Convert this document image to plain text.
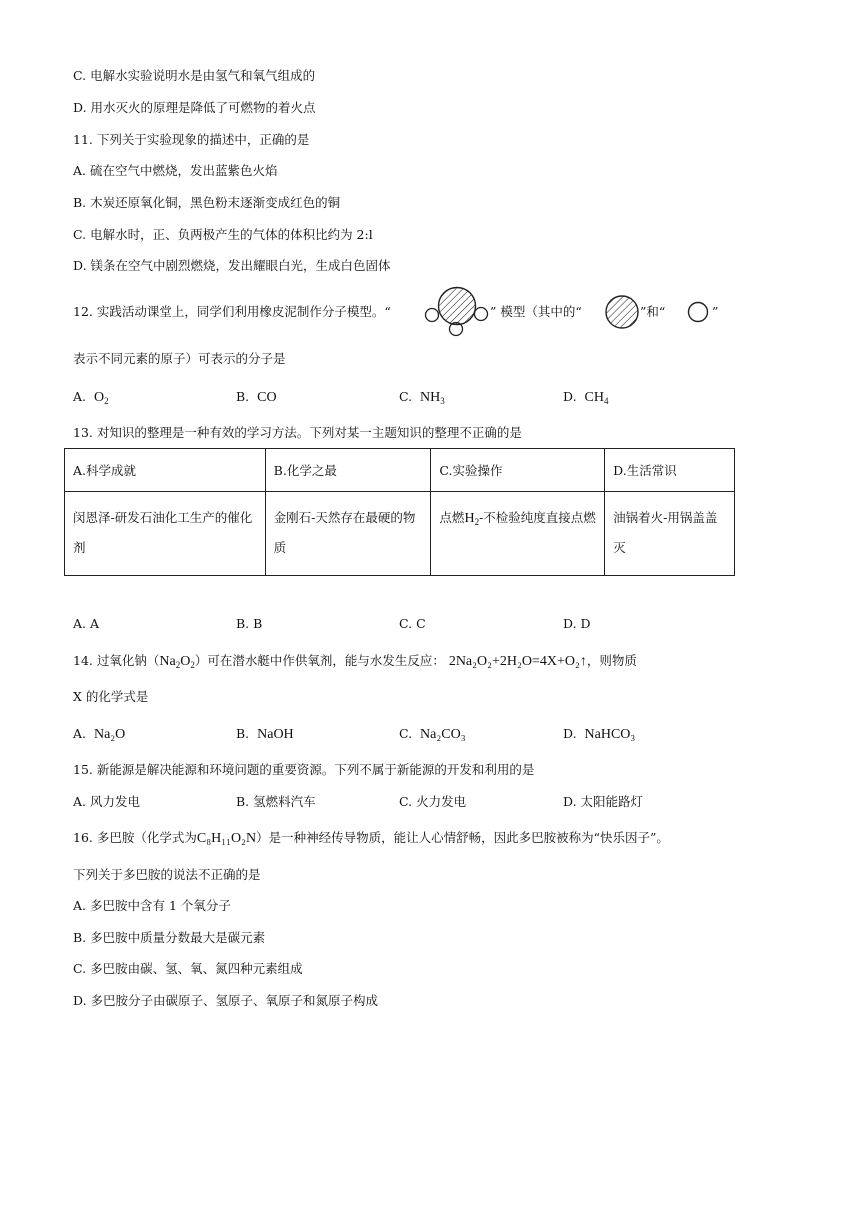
C. 电解水实验说明水是由氢气和氧气组成的
D. 用水灭火的原理是降低了可燃物的着火点
11. 下列关于实验现象的描述中，正确的是
A. 硫在空气中燃烧，发出蓝紫色火焰
B. 木炭还原氧化铜，黑色粉末逐渐变成红色的铜
C. 电解水时，正、负两极产生的气体的体积比约为 2:l
D. 镁条在空气中剧烈燃烧，发出耀眼白光，生成白色固体
12. 实践活动课堂上，同学们利用橡皮泥制作分子模型。“	” 模型（其中的“	”和“	”
表示不同元素的原子）可表示的分子是
A. $O_2$	B. CO	C. $NH_3$	D. $CH_4$
13. 对知识的整理是一种有效的学习方法。下列对某一主题知识的整理不正确的是
A.科学成就	B.化学之最	C.实验操作	D.生活常识
闵恩泽-研发石油化工生产的催化剂	金刚石-天然存在最硬的物质	点燃$H_2-$不检验纯度直接点燃	油锅着火-用锅盖盖灭
A. A	B. B	C. C	D. D
14. 过氧化钠$(Na_2O_2)$可在潜水艇中作供氧剂，能与水发生反应： 2Na₂O₂+2H₂O=4X+O₂↑，则物质
X 的化学式是
A. Na₂O	B. NaOH	C. Na₂CO₃	D. NaHCO₃
15. 新能源是解决能源和环境问题的重要资源。下列不属于新能源的开发和利用的是
A. 风力发电	B. 氢燃料汽车	C. 火力发电	D. 太阳能路灯
16. 多巴胺（化学式为C₈H₁₁O₂N）是一种神经传导物质，能让人心情舒畅，因此多巴胺被称为“快乐因子”。
下列关于多巴胺的说法不正确的是
A. 多巴胺中含有 1 个氧分子
B. 多巴胺中质量分数最大是碳元素
C. 多巴胺由碳、氢、氧、氮四种元素组成
D. 多巴胺分子由碳原子、氢原子、氧原子和氮原子构成
